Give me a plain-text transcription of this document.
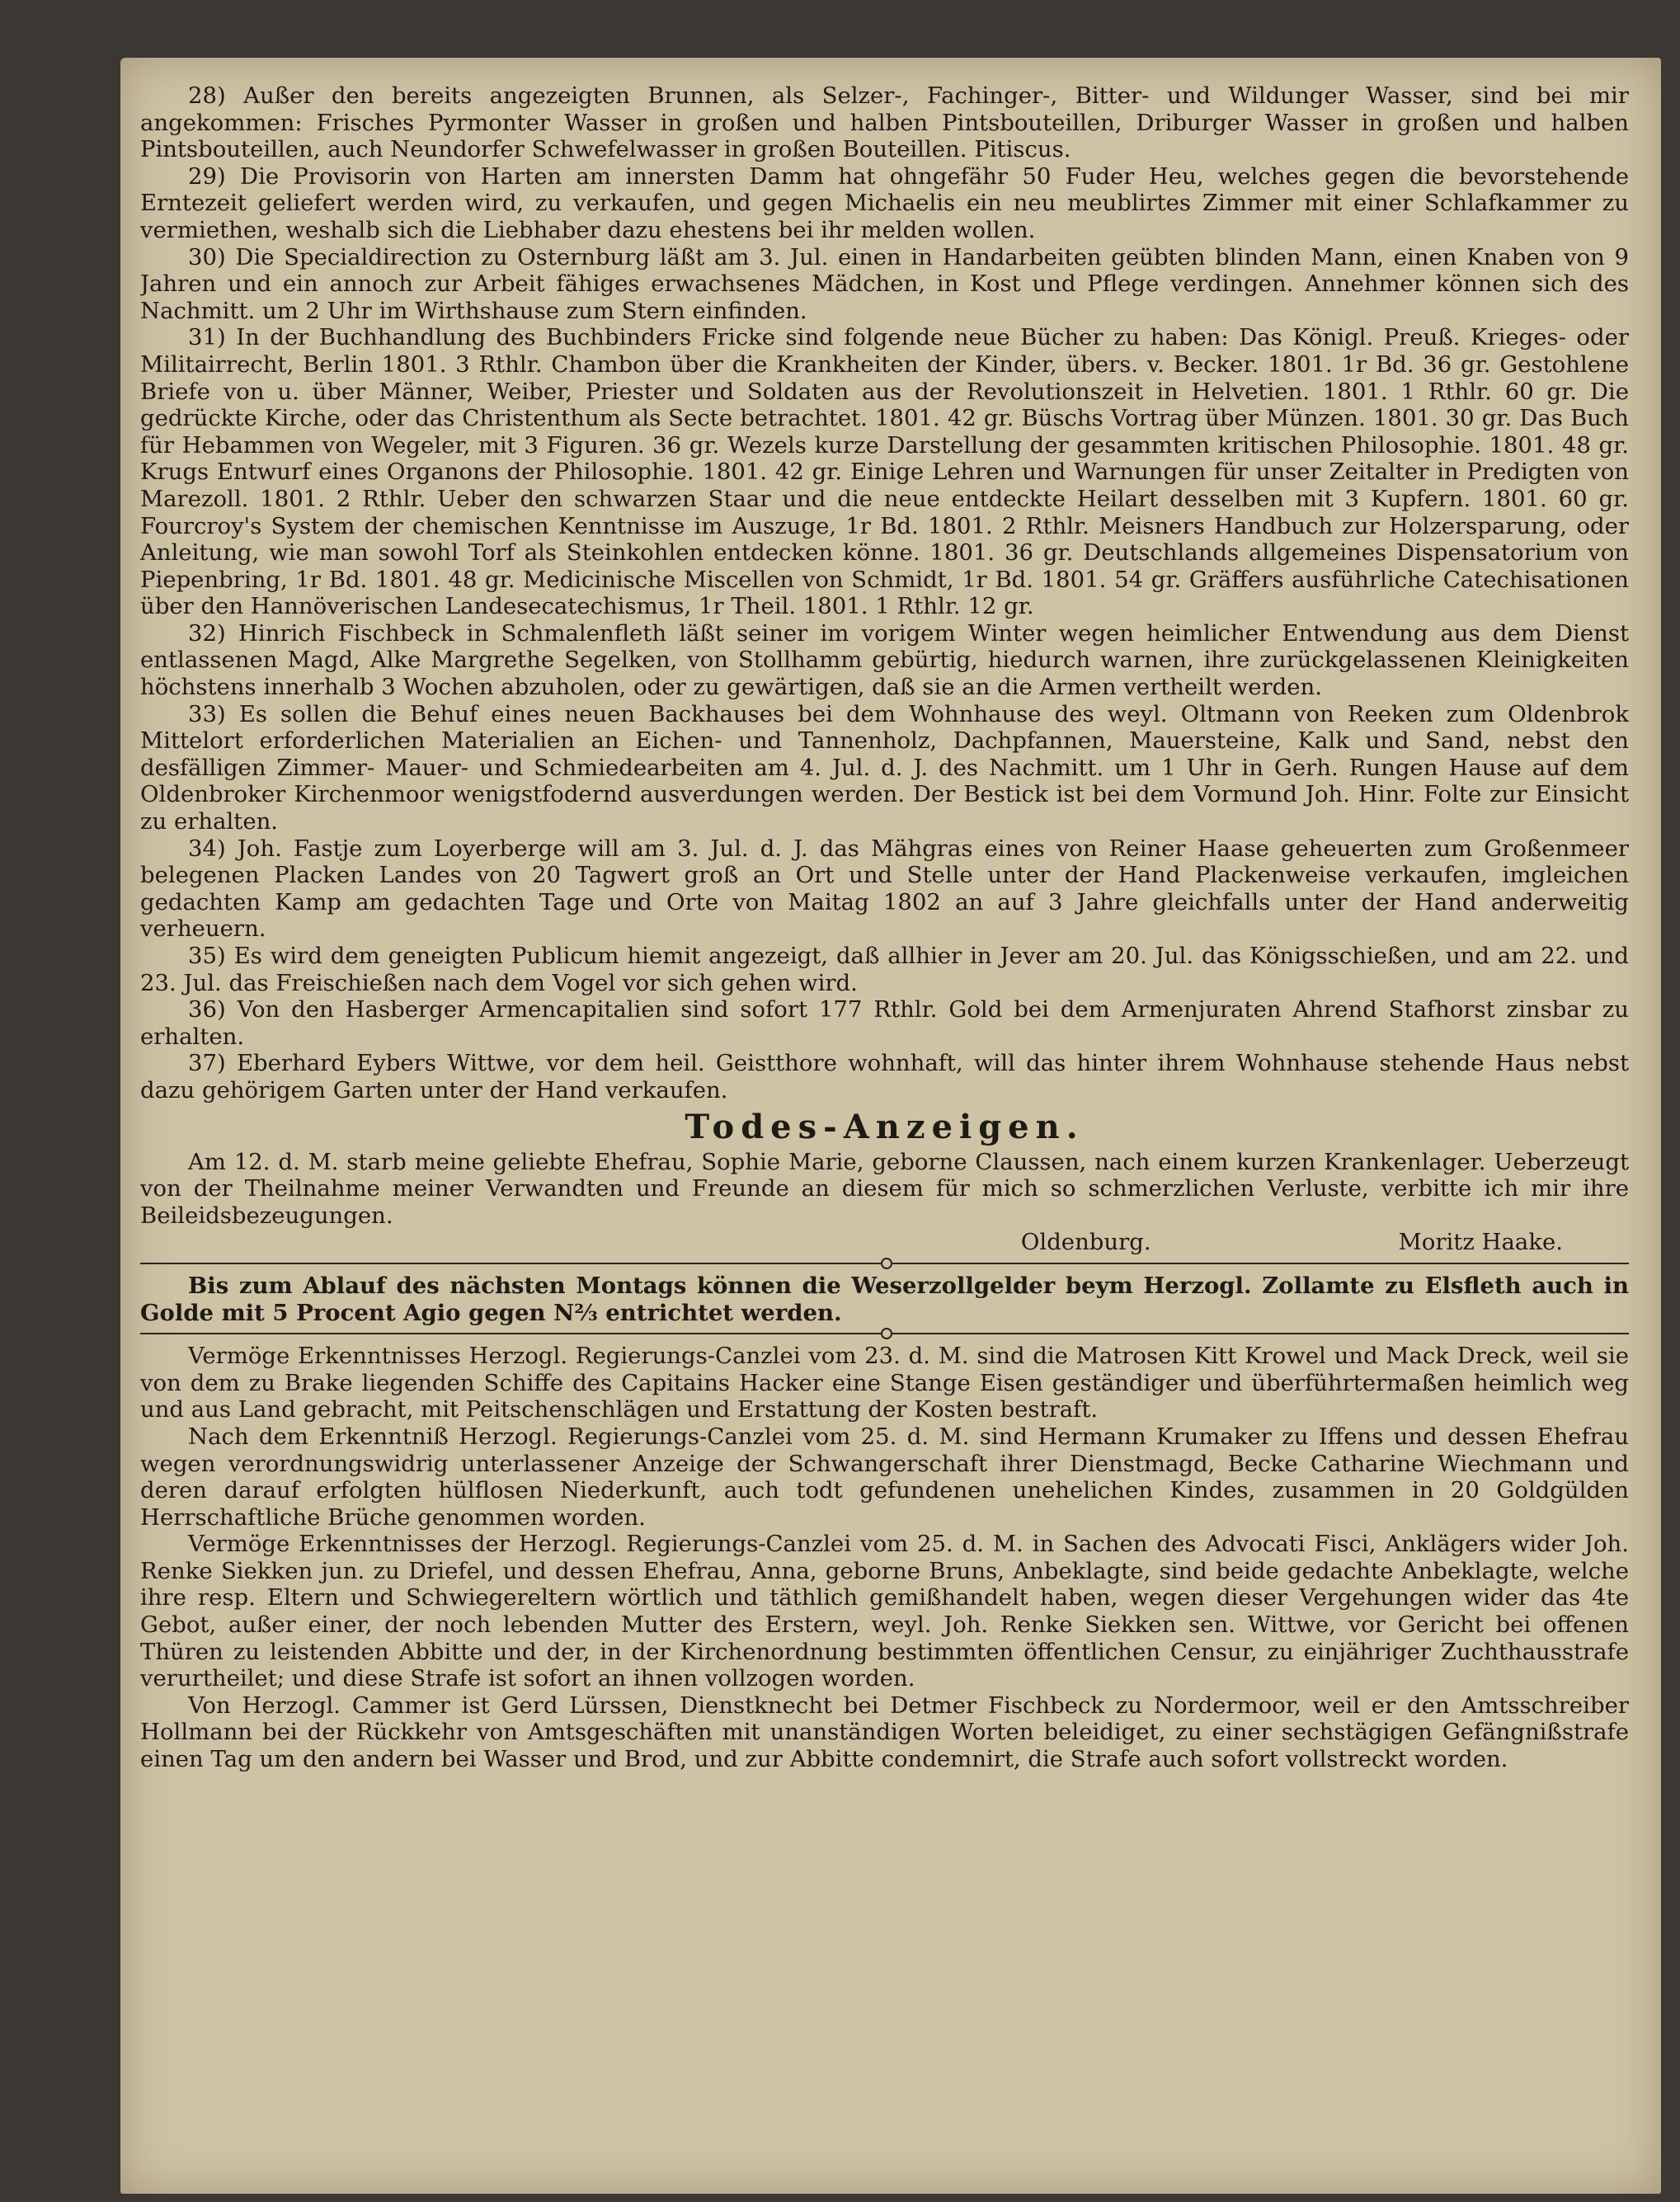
28) Außer den bereits angezeigten Brunnen, als Selzer-, Fachinger-, Bitter- und Wildunger Wasser, sind bei mir angekommen: Frisches Pyrmonter Wasser in großen und halben Pintsbouteillen, Driburger Wasser in großen und halben Pintsbouteillen, auch Neundorfer Schwefelwasser in großen Bouteillen. Pitiscus.

29) Die Provisorin von Harten am innersten Damm hat ohngefähr 50 Fuder Heu, welches gegen die bevorstehende Erntezeit geliefert werden wird, zu verkaufen, und gegen Michaelis ein neu meublirtes Zimmer mit einer Schlafkammer zu vermiethen, weshalb sich die Liebhaber dazu ehestens bei ihr melden wollen.

30) Die Specialdirection zu Osternburg läßt am 3. Jul. einen in Handarbeiten geübten blinden Mann, einen Knaben von 9 Jahren und ein annoch zur Arbeit fähiges erwachsenes Mädchen, in Kost und Pflege verdingen. Annehmer können sich des Nachmitt. um 2 Uhr im Wirthshause zum Stern einfinden.

31) In der Buchhandlung des Buchbinders Fricke sind folgende neue Bücher zu haben: Das Königl. Preuß. Krieges- oder Militairrecht, Berlin 1801. 3 Rthlr. Chambon über die Krankheiten der Kinder, übers. v. Becker. 1801. 1r Bd. 36 gr. Gestohlene Briefe von u. über Männer, Weiber, Priester und Soldaten aus der Revolutionszeit in Helvetien. 1801. 1 Rthlr. 60 gr. Die gedrückte Kirche, oder das Christenthum als Secte betrachtet. 1801. 42 gr. Büschs Vortrag über Münzen. 1801. 30 gr. Das Buch für Hebammen von Wegeler, mit 3 Figuren. 36 gr. Wezels kurze Darstellung der gesammten kritischen Philosophie. 1801. 48 gr. Krugs Entwurf eines Organons der Philosophie. 1801. 42 gr. Einige Lehren und Warnungen für unser Zeitalter in Predigten von Marezoll. 1801. 2 Rthlr. Ueber den schwarzen Staar und die neue entdeckte Heilart desselben mit 3 Kupfern. 1801. 60 gr. Fourcroy's System der chemischen Kenntnisse im Auszuge, 1r Bd. 1801. 2 Rthlr. Meisners Handbuch zur Holzersparung, oder Anleitung, wie man sowohl Torf als Steinkohlen entdecken könne. 1801. 36 gr. Deutschlands allgemeines Dispensatorium von Piepenbring, 1r Bd. 1801. 48 gr. Medicinische Miscellen von Schmidt, 1r Bd. 1801. 54 gr. Gräffers ausführliche Catechisationen über den Hannöverischen Landesecatechismus, 1r Theil. 1801. 1 Rthlr. 12 gr.

32) Hinrich Fischbeck in Schmalenfleth läßt seiner im vorigem Winter wegen heimlicher Entwendung aus dem Dienst entlassenen Magd, Alke Margrethe Segelken, von Stollhamm gebürtig, hiedurch warnen, ihre zurückgelassenen Kleinigkeiten höchstens innerhalb 3 Wochen abzuholen, oder zu gewärtigen, daß sie an die Armen vertheilt werden.

33) Es sollen die Behuf eines neuen Backhauses bei dem Wohnhause des weyl. Oltmann von Reeken zum Oldenbrok Mittelort erforderlichen Materialien an Eichen- und Tannenholz, Dachpfannen, Mauersteine, Kalk und Sand, nebst den desfälligen Zimmer- Mauer- und Schmiedearbeiten am 4. Jul. d. J. des Nachmitt. um 1 Uhr in Gerh. Rungen Hause auf dem Oldenbroker Kirchenmoor wenigstfodernd ausverdungen werden. Der Bestick ist bei dem Vormund Joh. Hinr. Folte zur Einsicht zu erhalten.

34) Joh. Fastje zum Loyerberge will am 3. Jul. d. J. das Mähgras eines von Reiner Haase geheuerten zum Großenmeer belegenen Placken Landes von 20 Tagwert groß an Ort und Stelle unter der Hand Plackenweise verkaufen, imgleichen gedachten Kamp am gedachten Tage und Orte von Maitag 1802 an auf 3 Jahre gleichfalls unter der Hand anderweitig verheuern.

35) Es wird dem geneigten Publicum hiemit angezeigt, daß allhier in Jever am 20. Jul. das Königsschießen, und am 22. und 23. Jul. das Freischießen nach dem Vogel vor sich gehen wird.

36) Von den Hasberger Armencapitalien sind sofort 177 Rthlr. Gold bei dem Armenjuraten Ahrend Stafhorst zinsbar zu erhalten.

37) Eberhard Eybers Wittwe, vor dem heil. Geistthore wohnhaft, will das hinter ihrem Wohnhause stehende Haus nebst dazu gehörigem Garten unter der Hand verkaufen.

Todes-Anzeigen.

Am 12. d. M. starb meine geliebte Ehefrau, Sophie Marie, geborne Claussen, nach einem kurzen Krankenlager. Ueberzeugt von der Theilnahme meiner Verwandten und Freunde an diesem für mich so schmerzlichen Verluste, verbitte ich mir ihre Beileidsbezeugungen.

Oldenburg.	Moritz Haake.

Bis zum Ablauf des nächsten Montags können die Weserzollgelder beym Herzogl. Zollamte zu Elsfleth auch in Golde mit 5 Procent Agio gegen N⅔ entrichtet werden.

Vermöge Erkenntnisses Herzogl. Regierungs-Canzlei vom 23. d. M. sind die Matrosen Kitt Krowel und Mack Dreck, weil sie von dem zu Brake liegenden Schiffe des Capitains Hacker eine Stange Eisen geständiger und überführtermaßen heimlich weg und aus Land gebracht, mit Peitschenschlägen und Erstattung der Kosten bestraft.

Nach dem Erkenntniß Herzogl. Regierungs-Canzlei vom 25. d. M. sind Hermann Krumaker zu Iffens und dessen Ehefrau wegen verordnungswidrig unterlassener Anzeige der Schwangerschaft ihrer Dienstmagd, Becke Catharine Wiechmann und deren darauf erfolgten hülflosen Niederkunft, auch todt gefundenen unehelichen Kindes, zusammen in 20 Goldgülden Herrschaftliche Brüche genommen worden.

Vermöge Erkenntnisses der Herzogl. Regierungs-Canzlei vom 25. d. M. in Sachen des Advocati Fisci, Anklägers wider Joh. Renke Siekken jun. zu Driefel, und dessen Ehefrau, Anna, geborne Bruns, Anbeklagte, sind beide gedachte Anbeklagte, welche ihre resp. Eltern und Schwiegereltern wörtlich und täthlich gemißhandelt haben, wegen dieser Vergehungen wider das 4te Gebot, außer einer, der noch lebenden Mutter des Erstern, weyl. Joh. Renke Siekken sen. Wittwe, vor Gericht bei offenen Thüren zu leistenden Abbitte und der, in der Kirchenordnung bestimmten öffentlichen Censur, zu einjähriger Zuchthausstrafe verurtheilet; und diese Strafe ist sofort an ihnen vollzogen worden.

Von Herzogl. Cammer ist Gerd Lürssen, Dienstknecht bei Detmer Fischbeck zu Nordermoor, weil er den Amtsschreiber Hollmann bei der Rückkehr von Amtsgeschäften mit unanständigen Worten beleidiget, zu einer sechstägigen Gefängnißstrafe einen Tag um den andern bei Wasser und Brod, und zur Abbitte condemnirt, die Strafe auch sofort vollstreckt worden.
